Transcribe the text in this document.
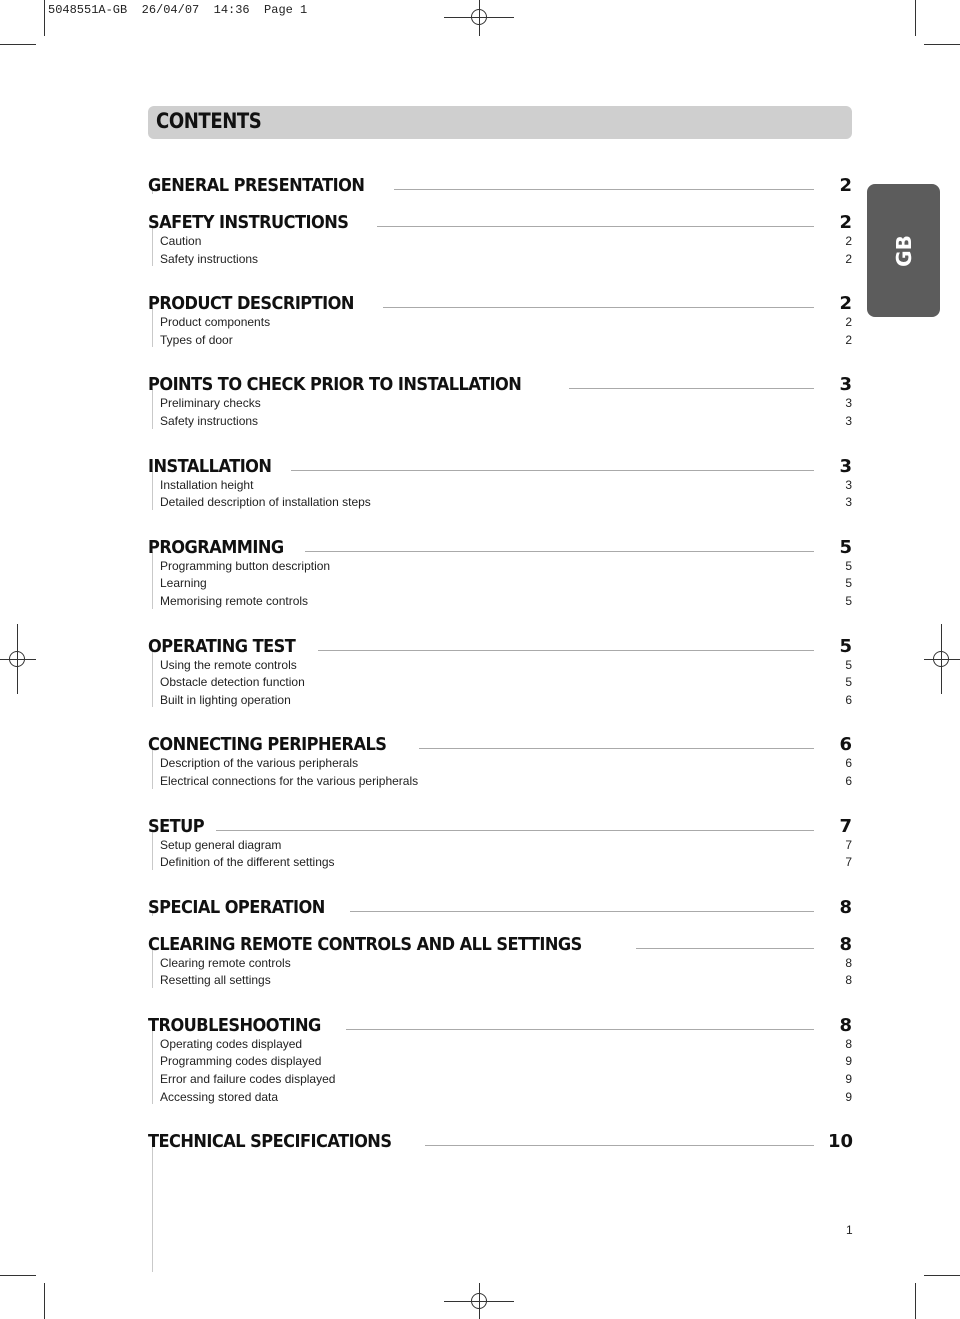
5048551A-GB  26/04/07  14:36  Page 1
CONTENTS
GB
GENERAL PRESENTATION	2
SAFETY INSTRUCTIONS	2
Caution	2
Safety instructions	2
PRODUCT DESCRIPTION	2
Product components	2
Types of door	2
POINTS TO CHECK PRIOR TO INSTALLATION	3
Preliminary checks	3
Safety instructions	3
INSTALLATION	3
Installation height	3
Detailed description of installation steps	3
PROGRAMMING	5
Programming button description	5
Learning	5
Memorising remote controls	5
OPERATING TEST	5
Using the remote controls	5
Obstacle detection function	5
Built in lighting operation	6
CONNECTING PERIPHERALS	6
Description of the various peripherals	6
Electrical connections for the various peripherals	6
SETUP	7
Setup general diagram	7
Definition of the different settings	7
SPECIAL OPERATION	8
CLEARING REMOTE CONTROLS AND ALL SETTINGS	8
Clearing remote controls	8
Resetting all settings	8
TROUBLESHOOTING	8
Operating codes displayed	8
Programming codes displayed	9
Error and failure codes displayed	9
Accessing stored data	9
TECHNICAL SPECIFICATIONS	10
1
